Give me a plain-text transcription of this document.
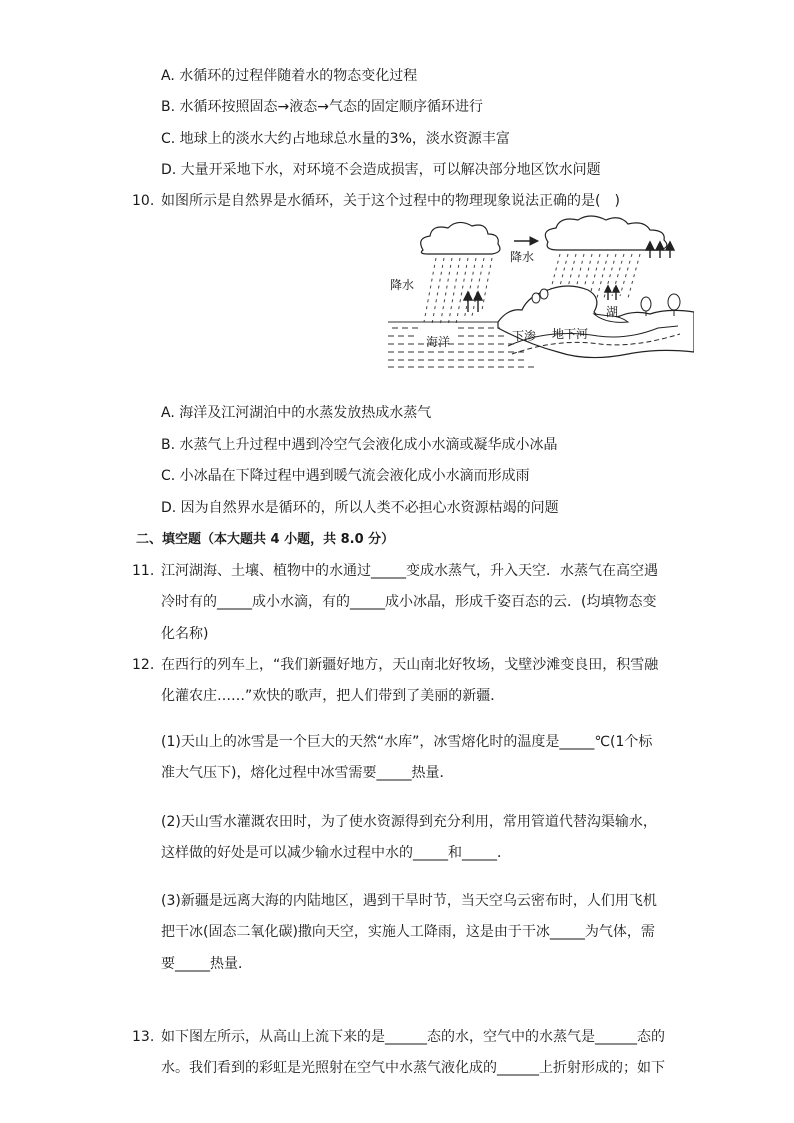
A. 水循环的过程伴随着水的物态变化过程
B. 水循环按照固态→液态→气态的固定顺序循环进行
C. 地球上的淡水大约占地球总水量的3%，淡水资源丰富
D. 大量开采地下水，对环境不会造成损害，可以解决部分地区饮水问题
10. 如图所示是自然界是水循环，关于这个过程中的物理现象说法正确的是(　)
降水
降水
海洋	下渗 地下河
湖
A. 海洋及江河湖泊中的水蒸发放热成水蒸气
B. 水蒸气上升过程中遇到冷空气会液化成小水滴或凝华成小冰晶
C. 小冰晶在下降过程中遇到暖气流会液化成小水滴而形成雨
D. 因为自然界水是循环的，所以人类不必担心水资源枯竭的问题
二、填空题（本大题共 4 小题，共 8.0 分）
11. 江河湖海、土壤、植物中的水通过_____变成水蒸气，升入天空．水蒸气在高空遇
冷时有的_____成小水滴，有的_____成小冰晶，形成千姿百态的云．(均填物态变
化名称)
12. 在西行的列车上，“我们新疆好地方，天山南北好牧场，戈壁沙滩变良田，积雪融
化灌农庄……”欢快的歌声，把人们带到了美丽的新疆．
(1)天山上的冰雪是一个巨大的天然“水库”，冰雪熔化时的温度是_____℃(1个标
准大气压下)，熔化过程中冰雪需要_____热量．
(2)天山雪水灌溉农田时，为了使水资源得到充分利用，常用管道代替沟渠输水，
这样做的好处是可以减少输水过程中水的_____和_____．
(3)新疆是远离大海的内陆地区，遇到干旱时节，当天空乌云密布时，人们用飞机
把干冰(固态二氧化碳)撒向天空，实施人工降雨，这是由于干冰_____为气体，需
要_____热量．
13. 如下图左所示，从高山上流下来的是______态的水，空气中的水蒸气是______态的
水。我们看到的彩虹是光照射在空气中水蒸气液化成的______上折射形成的；如下
